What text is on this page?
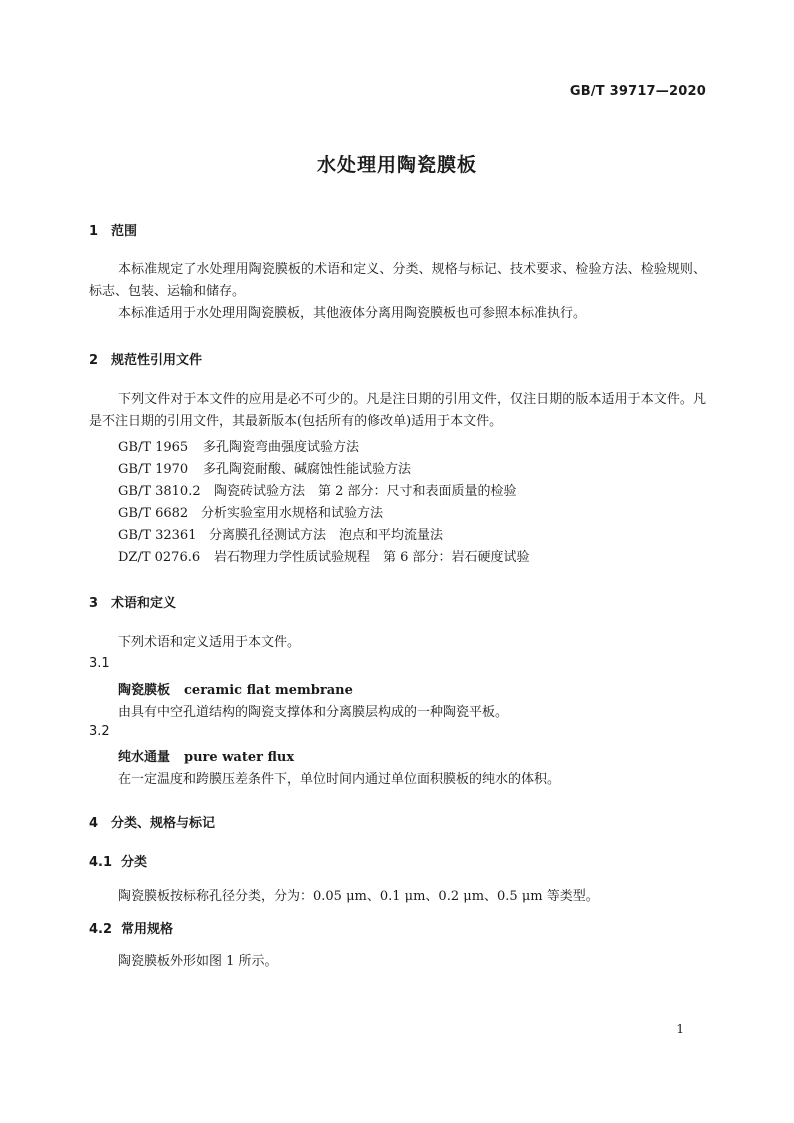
GB/T 39717—2020
水处理用陶瓷膜板
1 范围
本标准规定了水处理用陶瓷膜板的术语和定义、分类、规格与标记、技术要求、检验方法、检验规则、标志、包装、运输和储存。
本标准适用于水处理用陶瓷膜板，其他液体分离用陶瓷膜板也可参照本标准执行。
2 规范性引用文件
下列文件对于本文件的应用是必不可少的。凡是注日期的引用文件，仅注日期的版本适用于本文件。凡是不注日期的引用文件，其最新版本(包括所有的修改单)适用于本文件。
GB/T 1965 多孔陶瓷弯曲强度试验方法
GB/T 1970 多孔陶瓷耐酸、碱腐蚀性能试验方法
GB/T 3810.2 陶瓷砖试验方法　第 2 部分：尺寸和表面质量的检验
GB/T 6682 分析实验室用水规格和试验方法
GB/T 32361 分离膜孔径测试方法　泡点和平均流量法
DZ/T 0276.6 岩石物理力学性质试验规程　第 6 部分：岩石硬度试验
3 术语和定义
下列术语和定义适用于本文件。
3.1
陶瓷膜板 ceramic flat membrane
由具有中空孔道结构的陶瓷支撑体和分离膜层构成的一种陶瓷平板。
3.2
纯水通量 pure water flux
在一定温度和跨膜压差条件下，单位时间内通过单位面积膜板的纯水的体积。
4 分类、规格与标记
4.1 分类
陶瓷膜板按标称孔径分类，分为：0.05 μm、0.1 μm、0.2 μm、0.5 μm 等类型。
4.2 常用规格
陶瓷膜板外形如图 1 所示。
1
